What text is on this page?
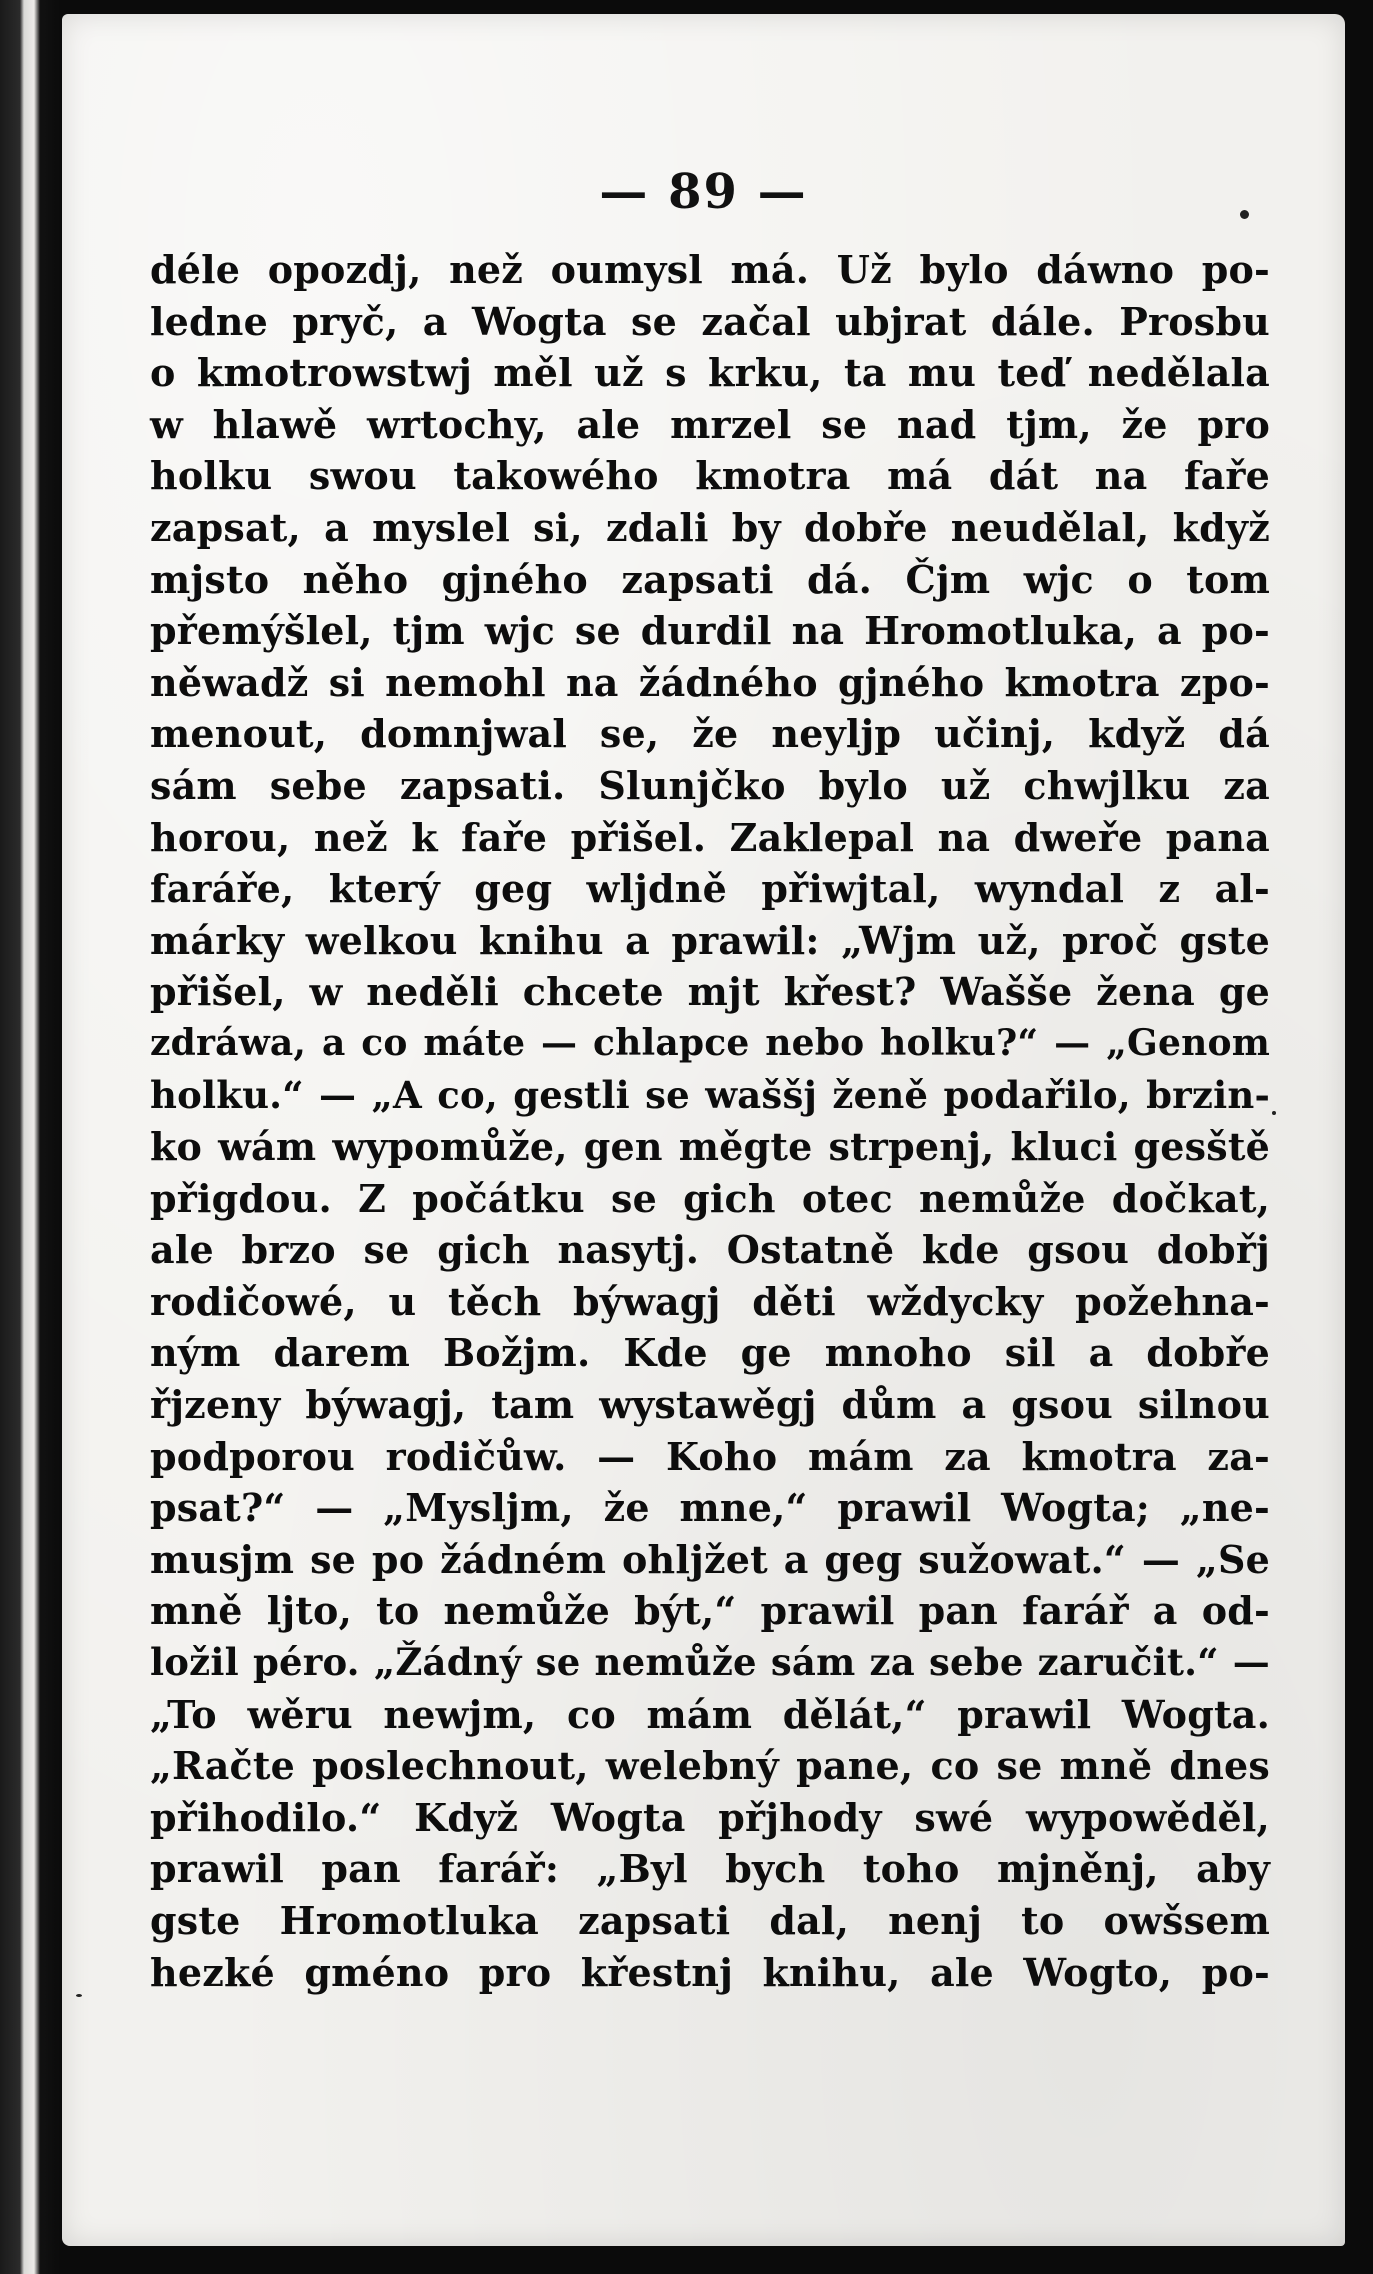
— 89 —
déle opozdj, než oumysl má. Už bylo dáwno po-
ledne pryč, a Wogta se začal ubjrat dále. Prosbu
o kmotrowstwj měl už s krku, ta mu teď nedělala
w hlawě wrtochy, ale mrzel se nad tjm, že pro
holku swou takowého kmotra má dát na faře
zapsat, a myslel si, zdali by dobře neudělal, když
mjsto něho gjného zapsati dá. Čjm wjc o tom
přemýšlel, tjm wjc se durdil na Hromotluka, a po-
něwadž si nemohl na žádného gjného kmotra zpo-
menout, domnjwal se, že neyljp učinj, když dá
sám sebe zapsati. Slunjčko bylo už chwjlku za
horou, než k faře přišel. Zaklepal na dweře pana
faráře, který geg wljdně přiwjtal, wyndal z al-
márky welkou knihu a prawil: „Wjm už, proč gste
přišel, w neděli chcete mjt křest? Wašše žena ge
zdráwa, a co máte — chlapce nebo holku?“ — „Genom
holku.“ — „A co, gestli se waššj ženě podařilo, brzin-
ko wám wypomůže, gen měgte strpenj, kluci gesště
přigdou. Z počátku se gich otec nemůže dočkat,
ale brzo se gich nasytj. Ostatně kde gsou dobřj
rodičowé, u těch býwagj děti wždycky požehna-
ným darem Božjm. Kde ge mnoho sil a dobře
řjzeny býwagj, tam wystawěgj dům a gsou silnou
podporou rodičůw. — Koho mám za kmotra za-
psat?“ — „Mysljm, že mne,“ prawil Wogta; „ne-
musjm se po žádném ohljžet a geg sužowat.“ — „Se
mně ljto, to nemůže být,“ prawil pan farář a od-
ložil péro. „Žádný se nemůže sám za sebe zaručit.“ —
„To wěru newjm, co mám dělát,“ prawil Wogta.
„Račte poslechnout, welebný pane, co se mně dnes
přihodilo.“ Když Wogta přjhody swé wypowěděl,
prawil pan farář: „Byl bych toho mjněnj, aby
gste Hromotluka zapsati dal, nenj to owšsem
hezké gméno pro křestnj knihu, ale Wogto, po-
